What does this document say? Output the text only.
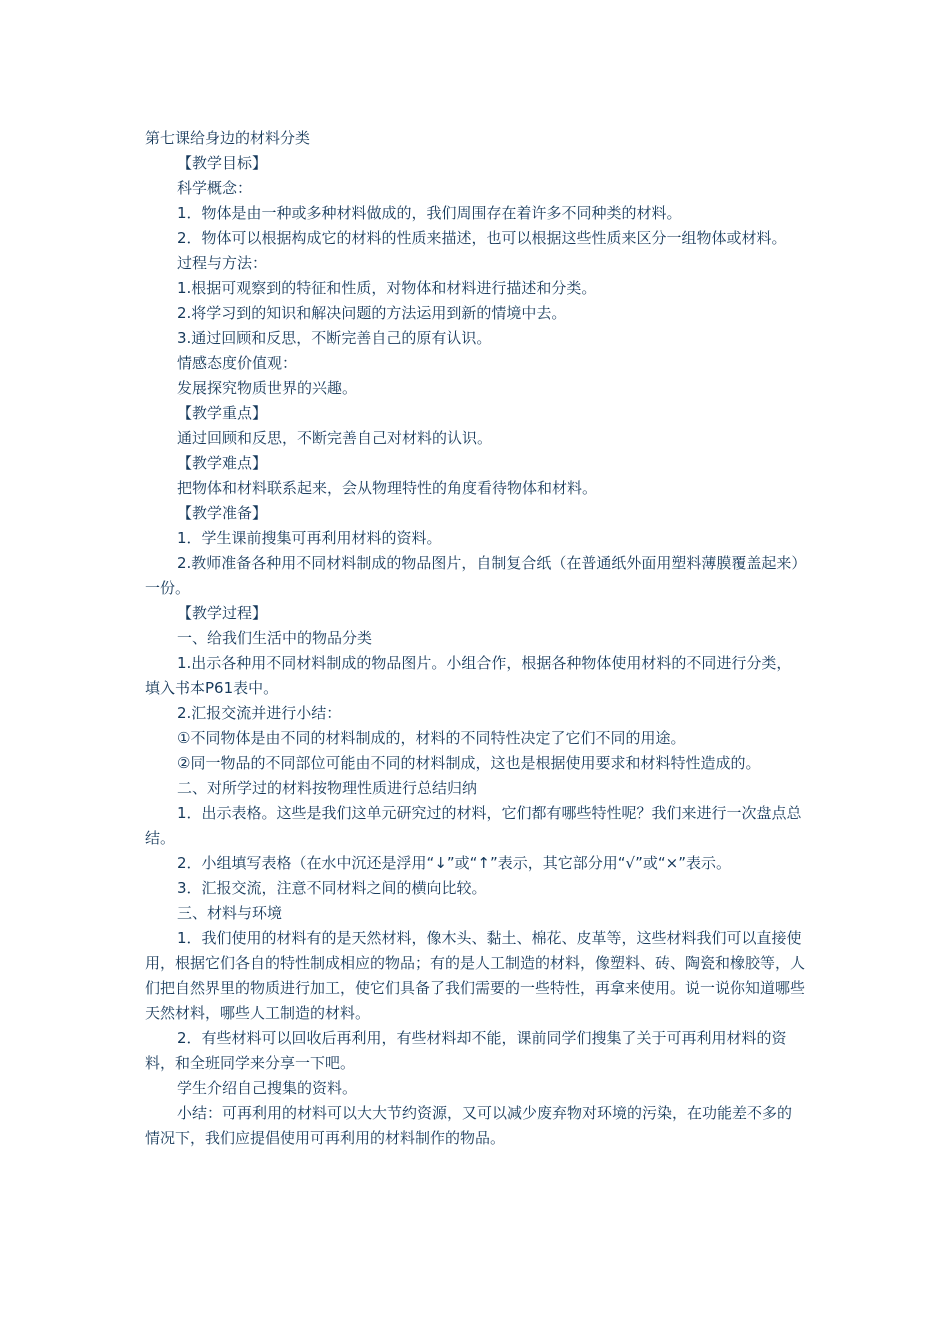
第七课给身边的材料分类

【教学目标】

科学概念：

1．物体是由一种或多种材料做成的，我们周围存在着许多不同种类的材料。

2．物体可以根据构成它的材料的性质来描述，也可以根据这些性质来区分一组物体或材料。

过程与方法：

1.根据可观察到的特征和性质，对物体和材料进行描述和分类。

2.将学习到的知识和解决问题的方法运用到新的情境中去。

3.通过回顾和反思，不断完善自己的原有认识。

情感态度价值观：

发展探究物质世界的兴趣。

【教学重点】

通过回顾和反思，不断完善自己对材料的认识。

【教学难点】

把物体和材料联系起来，会从物理特性的角度看待物体和材料。

【教学准备】

1．学生课前搜集可再利用材料的资料。

2.教师准备各种用不同材料制成的物品图片，自制复合纸（在普通纸外面用塑料薄膜覆盖起来）一份。

【教学过程】

一、给我们生活中的物品分类

1.出示各种用不同材料制成的物品图片。小组合作，根据各种物体使用材料的不同进行分类，填入书本P61表中。

2.汇报交流并进行小结：

①不同物体是由不同的材料制成的，材料的不同特性决定了它们不同的用途。

②同一物品的不同部位可能由不同的材料制成，这也是根据使用要求和材料特性造成的。

二、对所学过的材料按物理性质进行总结归纳

1．出示表格。这些是我们这单元研究过的材料，它们都有哪些特性呢？我们来进行一次盘点总结。

2．小组填写表格（在水中沉还是浮用“↓”或“↑”表示，其它部分用“√”或“×”表示。

3．汇报交流，注意不同材料之间的横向比较。

三、材料与环境

1．我们使用的材料有的是天然材料，像木头、黏土、棉花、皮革等，这些材料我们可以直接使用，根据它们各自的特性制成相应的物品；有的是人工制造的材料，像塑料、砖、陶瓷和橡胶等，人们把自然界里的物质进行加工，使它们具备了我们需要的一些特性，再拿来使用。说一说你知道哪些天然材料，哪些人工制造的材料。

2．有些材料可以回收后再利用，有些材料却不能，课前同学们搜集了关于可再利用材料的资料，和全班同学来分享一下吧。

学生介绍自己搜集的资料。

小结：可再利用的材料可以大大节约资源，又可以减少废弃物对环境的污染，在功能差不多的情况下，我们应提倡使用可再利用的材料制作的物品。
